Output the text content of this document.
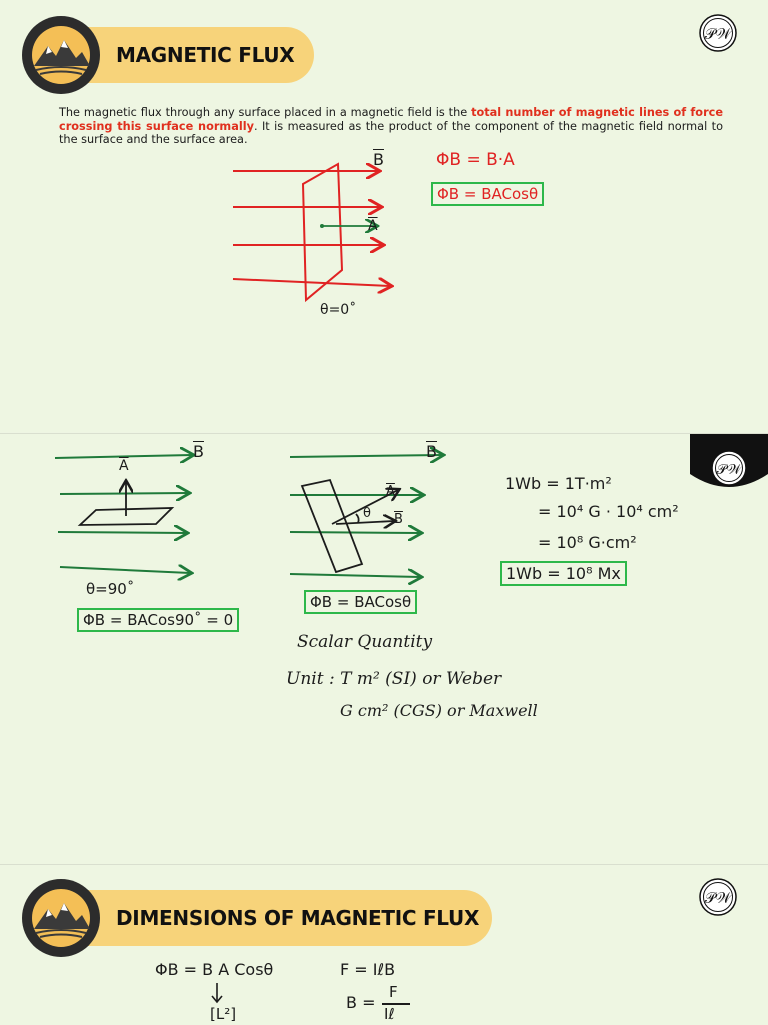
MAGNETIC FLUX
𝒫𝒲
The magnetic flux through any surface placed in a magnetic field is the total number of magnetic lines of force crossing this surface normally. It is measured as the product of the component of the magnetic field normal to the surface and the surface area.
$\overline{B}$
$\overline{A}$
θ=0˚
ΦB = B·A
ΦB = BACosθ
𝒫𝒲
$\overline{B}$
$\overline{A}$
θ=90˚
ΦB = BACos90˚ = 0
$\overline{B}$
$\overline{A}$
θ $\overline{B}$
ΦB = BACosθ
Scalar Quantity
Unit : T m² (SI) or Weber
G cm² (CGS) or Maxwell
1Wb = 1T·m²
= 10⁴ G · 10⁴ cm²
= 10⁸ G·cm²
1Wb = 10⁸ Mx
DIMENSIONS OF MAGNETIC FLUX
𝒫𝒲
ΦB = B A Cosθ
[L²]
F = IℓB
B =
F
Iℓ
